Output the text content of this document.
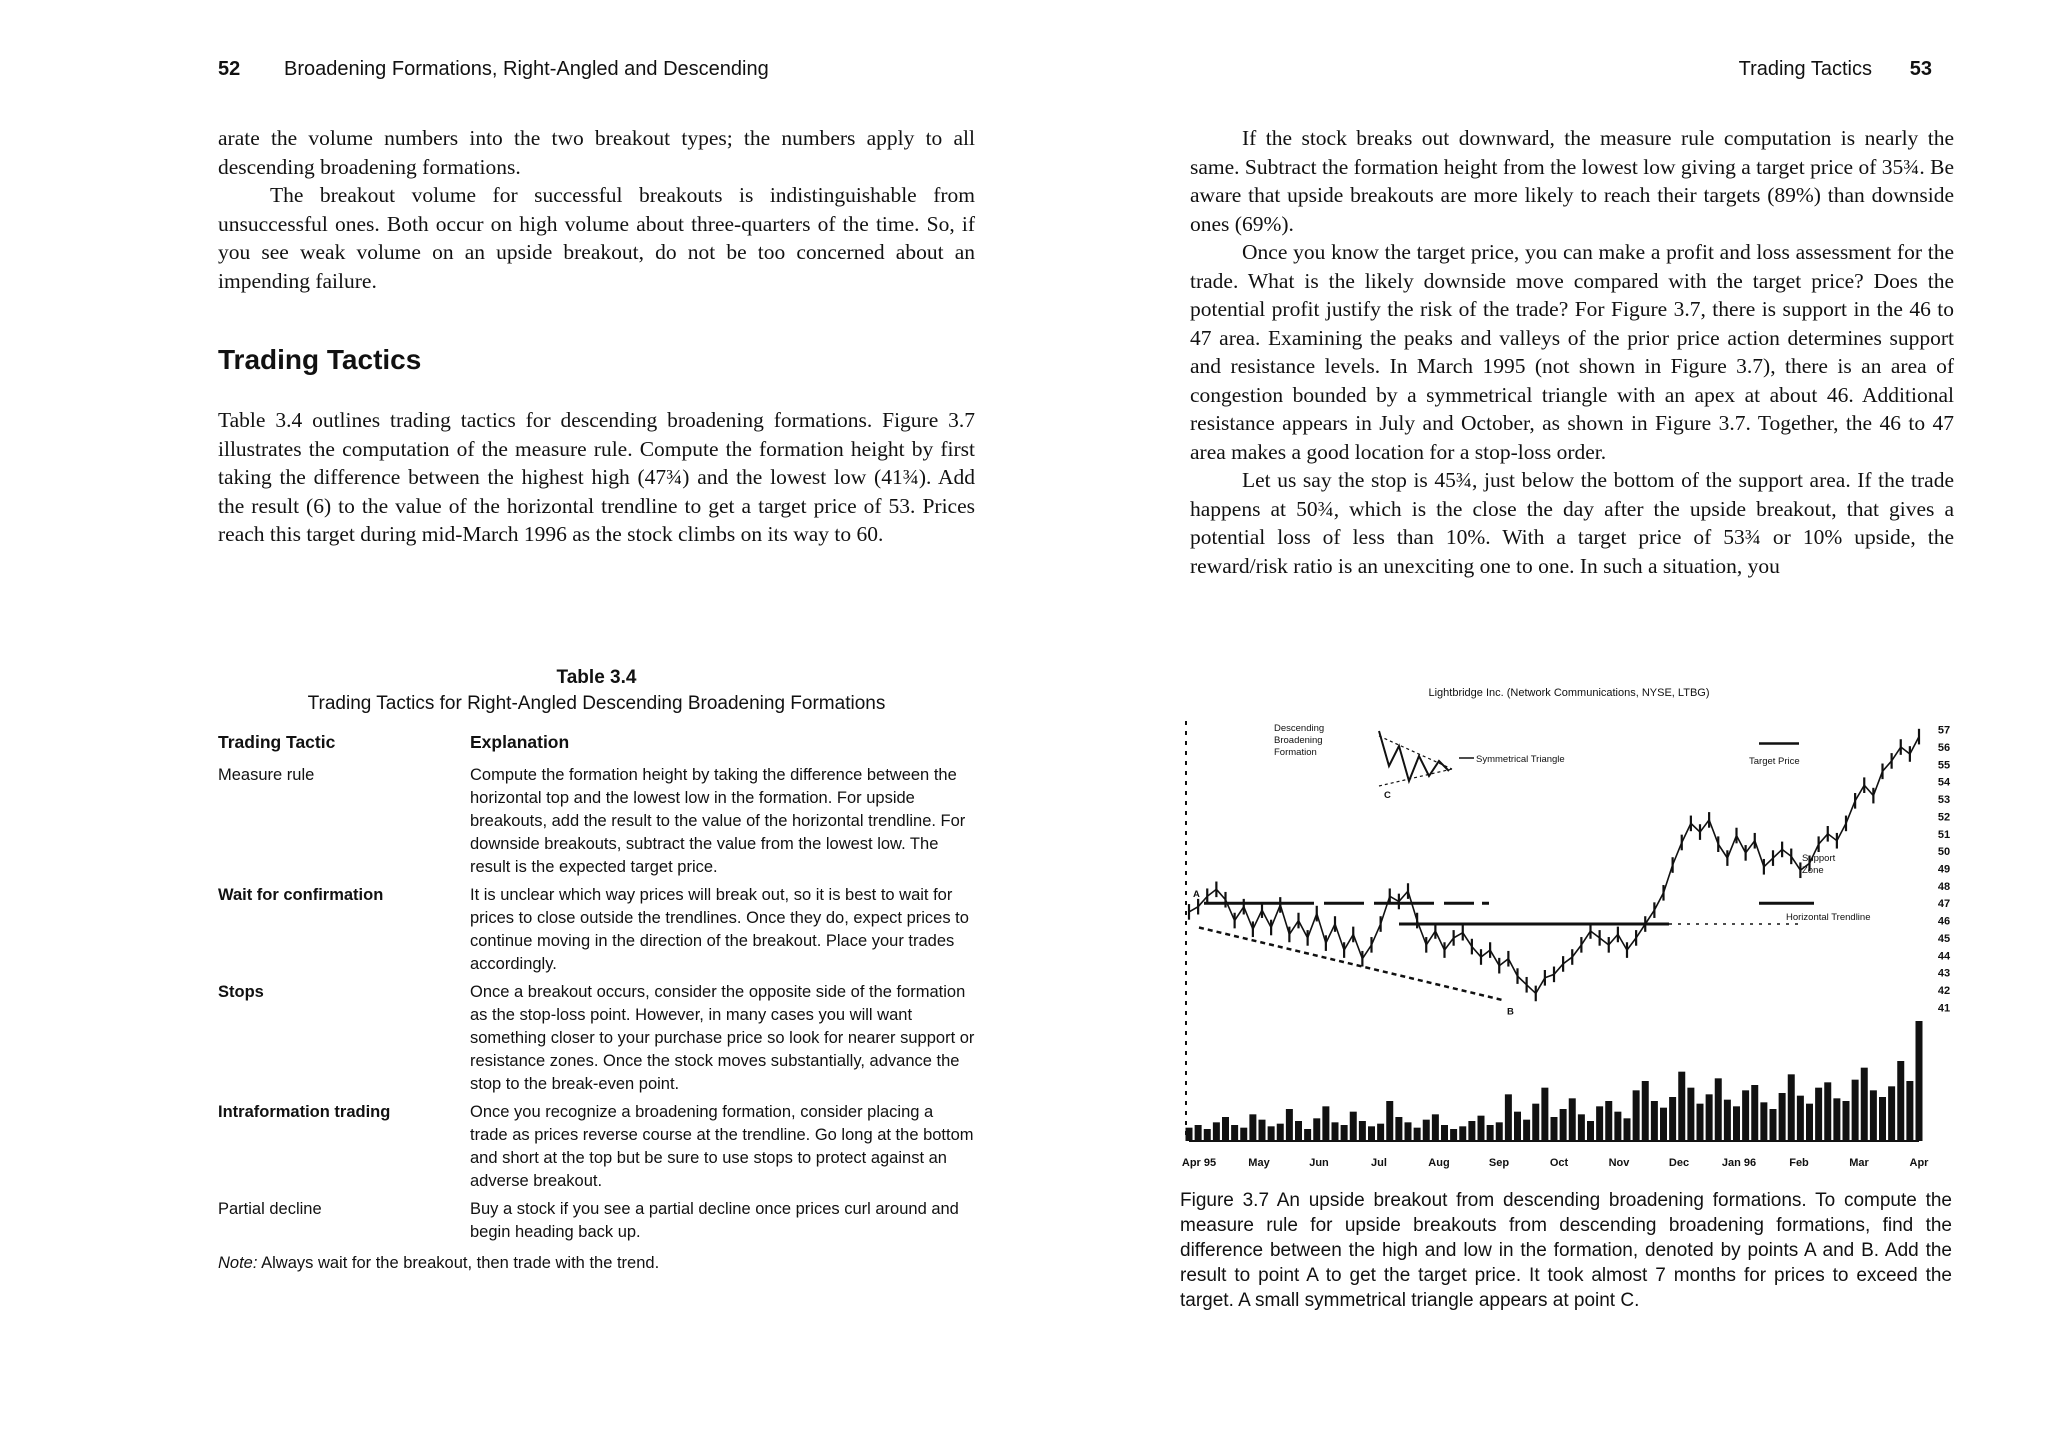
52 Broadening Formations, Right-Angled and Descending

arate the volume numbers into the two breakout types; the numbers apply to all descending broadening formations.

The breakout volume for successful breakouts is indistinguishable from unsuccessful ones. Both occur on high volume about three-quarters of the time. So, if you see weak volume on an upside breakout, do not be too concerned about an impending failure.

Trading Tactics

Table 3.4 outlines trading tactics for descending broadening formations. Figure 3.7 illustrates the computation of the measure rule. Compute the formation height by first taking the difference between the highest high (47¾) and the lowest low (41¾). Add the result (6) to the value of the horizontal trendline to get a target price of 53. Prices reach this target during mid-March 1996 as the stock climbs on its way to 60.

Table 3.4
Trading Tactics for Right-Angled Descending Broadening Formations
Trading Tactic	Explanation
Measure rule	Compute the formation height by taking the difference between the horizontal top and the lowest low in the formation. For upside breakouts, add the result to the value of the horizontal trendline. For downside breakouts, subtract the value from the lowest low. The result is the expected target price.
Wait for confirmation	It is unclear which way prices will break out, so it is best to wait for prices to close outside the trendlines. Once they do, expect prices to continue moving in the direction of the breakout. Place your trades accordingly.
Stops	Once a breakout occurs, consider the opposite side of the formation as the stop-loss point. However, in many cases you will want something closer to your purchase price so look for nearer support or resistance zones. Once the stock moves substantially, advance the stop to the break-even point.
Intraformation trading	Once you recognize a broadening formation, consider placing a trade as prices reverse course at the trendline. Go long at the bottom and short at the top but be sure to use stops to protect against an adverse breakout.
Partial decline	Buy a stock if you see a partial decline once prices curl around and begin heading back up.
Note: Always wait for the breakout, then trade with the trend.
Trading Tactics 53

If the stock breaks out downward, the measure rule computation is nearly the same. Subtract the formation height from the lowest low giving a target price of 35¾. Be aware that upside breakouts are more likely to reach their targets (89%) than downside ones (69%).

Once you know the target price, you can make a profit and loss assessment for the trade. What is the likely downside move compared with the target price? Does the potential profit justify the risk of the trade? For Figure 3.7, there is support in the 46 to 47 area. Examining the peaks and valleys of the prior price action determines support and resistance levels. In March 1995 (not shown in Figure 3.7), there is an area of congestion bounded by a symmetrical triangle with an apex at about 46. Additional resistance appears in July and October, as shown in Figure 3.7. Together, the 46 to 47 area makes a good location for a stop-loss order.

Let us say the stop is 45¾, just below the bottom of the support area. If the trade happens at 50¾, which is the close the day after the upside breakout, that gives a potential loss of less than 10%. With a target price of 53¾ or 10% upside, the reward/risk ratio is an unexciting one to one. In such a situation, you

Lightbridge Inc. (Network Communications, NYSE, LTBG)
57
56
55
54
53
52
51
50
49
48
47
46
45
44
43
42
41
Apr 95	May	Jun	Jul	Aug	Sep	Oct	Nov	Dec	Jan 96	Feb	Mar	Apr
Descending
Broadening
Formation
Symmetrical Triangle	Target Price
Support
Zone
Horizontal Trendline
A
B
C
Figure 3.7 An upside breakout from descending broadening formations. To compute the measure rule for upside breakouts from descending broadening formations, find the difference between the high and low in the formation, denoted by points A and B. Add the result to point A to get the target price. It took almost 7 months for prices to exceed the target. A small symmetrical triangle appears at point C.
